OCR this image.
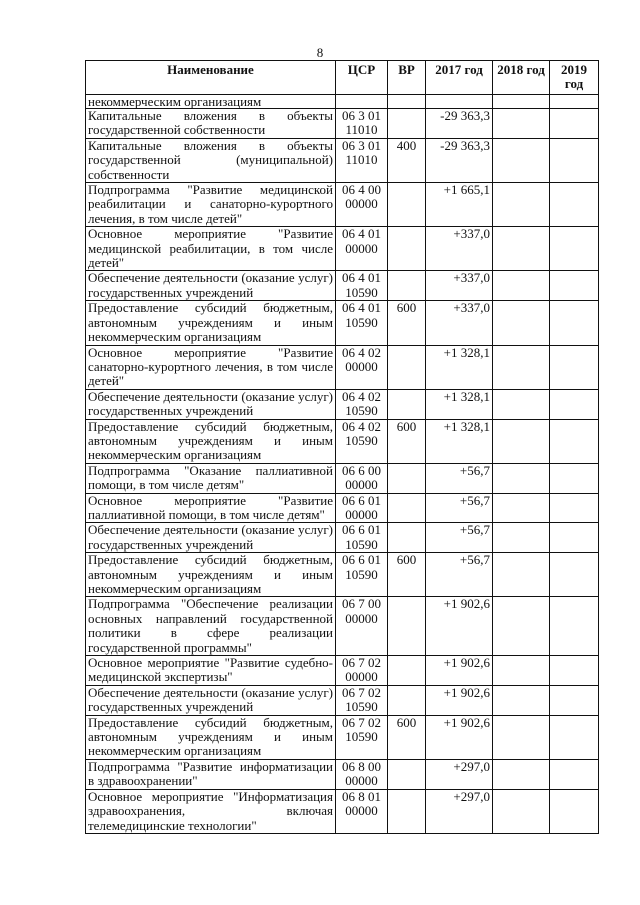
8
Наименование	ЦСР	ВР	2017 год	2018 год	2019 год
некоммерческим организациям					
Капитальные вложения в объекты государственной собственности	06 3 01 11010		-29 363,3		
Капитальные вложения в объекты государственной (муниципальной) собственности	06 3 01 11010	400	-29 363,3		
Подпрограмма "Развитие медицинской реабилитации и санаторно-курортного лечения, в том числе детей"	06 4 00 00000		+1 665,1		
Основное мероприятие "Развитие медицинской реабилитации, в том числе детей"	06 4 01 00000		+337,0		
Обеспечение деятельности (оказание услуг) государственных учреждений	06 4 01 10590		+337,0		
Предоставление субсидий бюджетным, автономным учреждениям и иным некоммерческим организациям	06 4 01 10590	600	+337,0		
Основное мероприятие "Развитие санаторно-курортного лечения, в том числе детей"	06 4 02 00000		+1 328,1		
Обеспечение деятельности (оказание услуг) государственных учреждений	06 4 02 10590		+1 328,1		
Предоставление субсидий бюджетным, автономным учреждениям и иным некоммерческим организациям	06 4 02 10590	600	+1 328,1		
Подпрограмма "Оказание паллиативной помощи, в том числе детям"	06 6 00 00000		+56,7		
Основное мероприятие "Развитие паллиативной помощи, в том числе детям"	06 6 01 00000		+56,7		
Обеспечение деятельности (оказание услуг) государственных учреждений	06 6 01 10590		+56,7		
Предоставление субсидий бюджетным, автономным учреждениям и иным некоммерческим организациям	06 6 01 10590	600	+56,7		
Подпрограмма "Обеспечение реализации основных направлений государственной политики в сфере реализации государственной программы"	06 7 00 00000		+1 902,6		
Основное мероприятие "Развитие судебно-медицинской экспертизы"	06 7 02 00000		+1 902,6		
Обеспечение деятельности (оказание услуг) государственных учреждений	06 7 02 10590		+1 902,6		
Предоставление субсидий бюджетным, автономным учреждениям и иным некоммерческим организациям	06 7 02 10590	600	+1 902,6		
Подпрограмма "Развитие информатизации в здравоохранении"	06 8 00 00000		+297,0		
Основное мероприятие "Информатизация здравоохранения, включая телемедицинские технологии"	06 8 01 00000		+297,0		
